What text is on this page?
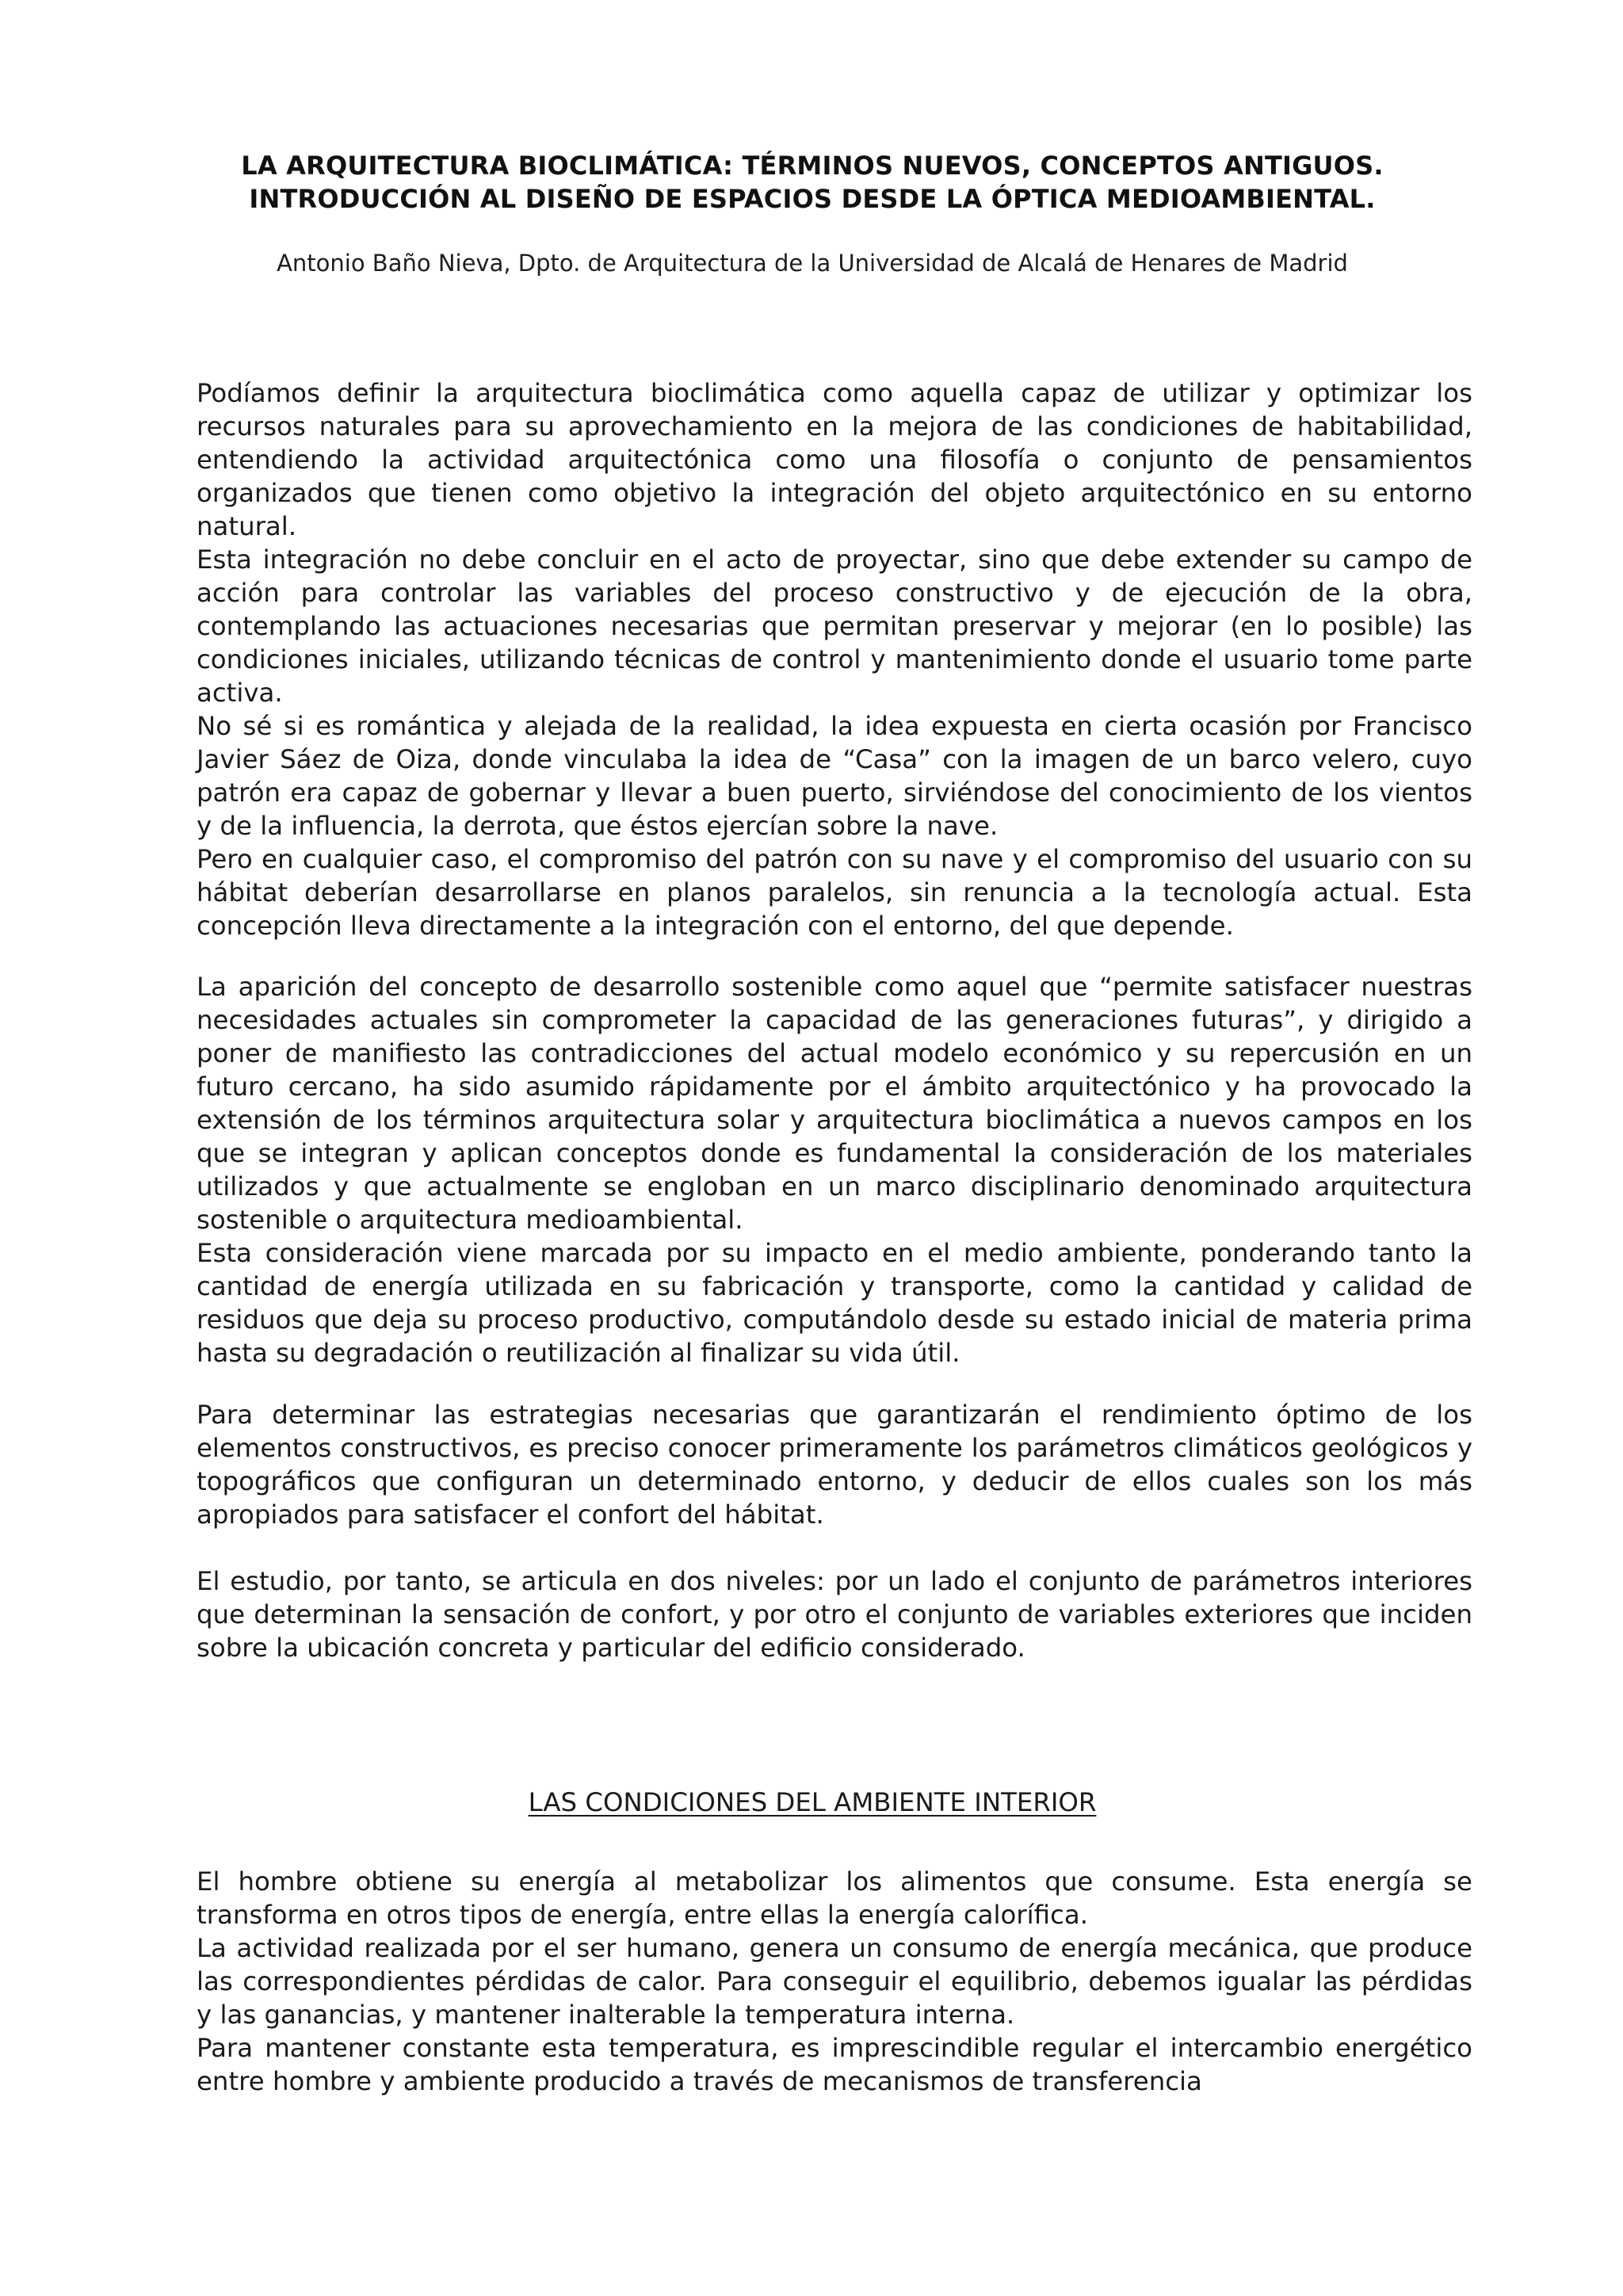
LA ARQUITECTURA BIOCLIMÁTICA: TÉRMINOS NUEVOS, CONCEPTOS ANTIGUOS.
INTRODUCCIÓN AL DISEÑO DE ESPACIOS DESDE LA ÓPTICA MEDIOAMBIENTAL.
Antonio Baño Nieva, Dpto. de Arquitectura de la Universidad de Alcalá de Henares de Madrid

Podíamos definir la arquitectura bioclimática como aquella capaz de utilizar y optimizar los recursos naturales para su aprovechamiento en la mejora de las condiciones de habitabilidad, entendiendo la actividad arquitectónica como una filosofía o conjunto de pensamientos organizados que tienen como objetivo la integración del objeto arquitectónico en su entorno natural.

Esta integración no debe concluir en el acto de proyectar, sino que debe extender su campo de acción para controlar las variables del proceso constructivo y de ejecución de la obra, contemplando las actuaciones necesarias que permitan preservar y mejorar (en lo posible) las condiciones iniciales, utilizando técnicas de control y mantenimiento donde el usuario tome parte activa.

No sé si es romántica y alejada de la realidad, la idea expuesta en cierta ocasión por Francisco Javier Sáez de Oiza, donde vinculaba la idea de “Casa” con la imagen de un barco velero, cuyo patrón era capaz de gobernar y llevar a buen puerto, sirviéndose del conocimiento de los vientos y de la influencia, la derrota, que éstos ejercían sobre la nave.

Pero en cualquier caso, el compromiso del patrón con su nave y el compromiso del usuario con su hábitat deberían desarrollarse en planos paralelos, sin renuncia a la tecnología actual. Esta concepción lleva directamente a la integración con el entorno, del que depende.

La aparición del concepto de desarrollo sostenible como aquel que “permite satisfacer nuestras necesidades actuales sin comprometer la capacidad de las generaciones futuras”, y dirigido a poner de manifiesto las contradicciones del actual modelo económico y su repercusión en un futuro cercano, ha sido asumido rápidamente por el ámbito arquitectónico y ha provocado la extensión de los términos arquitectura solar y arquitectura bioclimática a nuevos campos en los que se integran y aplican conceptos donde es fundamental la consideración de los materiales utilizados y que actualmente se engloban en un marco disciplinario denominado arquitectura sostenible o arquitectura medioambiental.

Esta consideración viene marcada por su impacto en el medio ambiente, ponderando tanto la cantidad de energía utilizada en su fabricación y transporte, como la cantidad y calidad de residuos que deja su proceso productivo, computándolo desde su estado inicial de materia prima hasta su degradación o reutilización al finalizar su vida útil.

Para determinar las estrategias necesarias que garantizarán el rendimiento óptimo de los elementos constructivos, es preciso conocer primeramente los parámetros climáticos geológicos y topográficos que configuran un determinado entorno, y deducir de ellos cuales son los más apropiados para satisfacer el confort del hábitat.

El estudio, por tanto, se articula en dos niveles: por un lado el conjunto de parámetros interiores que determinan la sensación de confort, y por otro el conjunto de variables exteriores que inciden sobre la ubicación concreta y particular del edificio considerado.

LAS CONDICIONES DEL AMBIENTE INTERIOR

El hombre obtiene su energía al metabolizar los alimentos que consume. Esta energía se transforma en otros tipos de energía, entre ellas la energía calorífica.

La actividad realizada por el ser humano, genera un consumo de energía mecánica, que produce las correspondientes pérdidas de calor. Para conseguir el equilibrio, debemos igualar las pérdidas y las ganancias, y mantener inalterable la temperatura interna.

Para mantener constante esta temperatura, es imprescindible regular el intercambio energético entre hombre y ambiente producido a través de mecanismos de transferencia
